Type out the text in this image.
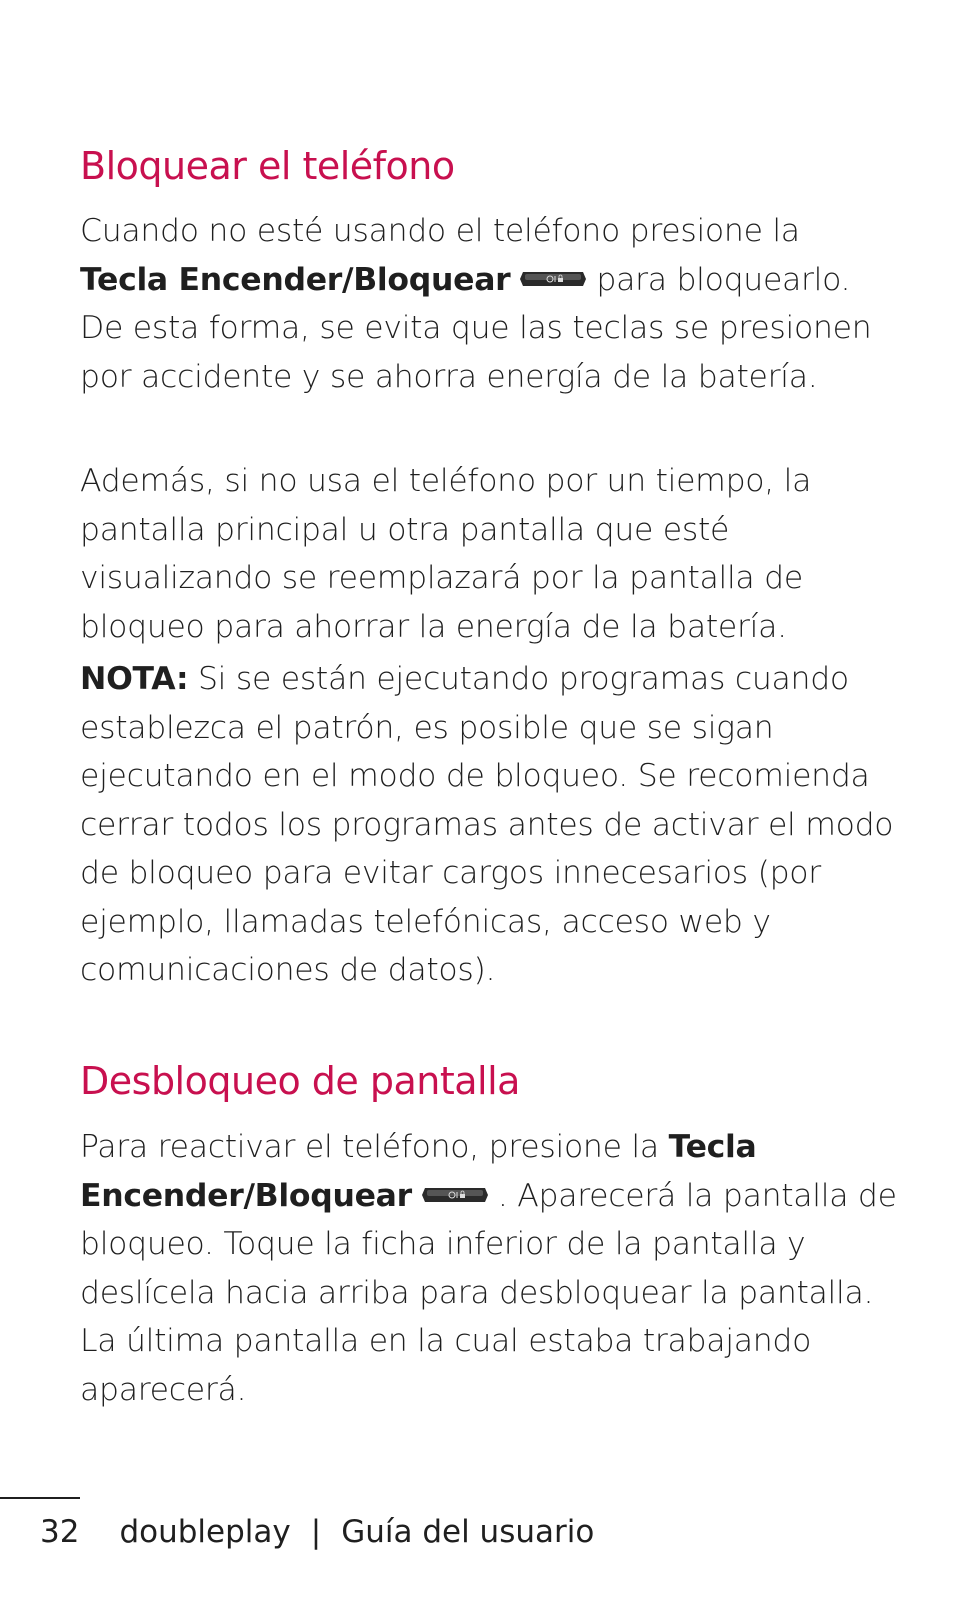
Bloquear el teléfono

Cuando no esté usando el teléfono presione la
Tecla Encender/Bloquear	para bloquearlo.
De esta forma, se evita que las teclas se presionen por accidente y se ahorra energía de la batería.

Además, si no usa el teléfono por un tiempo, la pantalla principal u otra pantalla que esté visualizando se reemplazará por la pantalla de bloqueo para ahorrar la energía de la batería.

NOTA: Si se están ejecutando programas cuando establezca el patrón, es posible que se sigan ejecutando en el modo de bloqueo. Se recomienda cerrar todos los programas antes de activar el modo de bloqueo para evitar cargos innecesarios (por ejemplo, llamadas telefónicas, acceso web y comunicaciones de datos).

Desbloqueo de pantalla

Para reactivar el teléfono, presione la Tecla Encender/Bloquear	. Aparecerá la pantalla de bloqueo. Toque la ficha inferior de la pantalla y deslícela hacia arriba para desbloquear la pantalla. La última pantalla en la cual estaba trabajando aparecerá.

32 doubleplay | Guía del usuario
